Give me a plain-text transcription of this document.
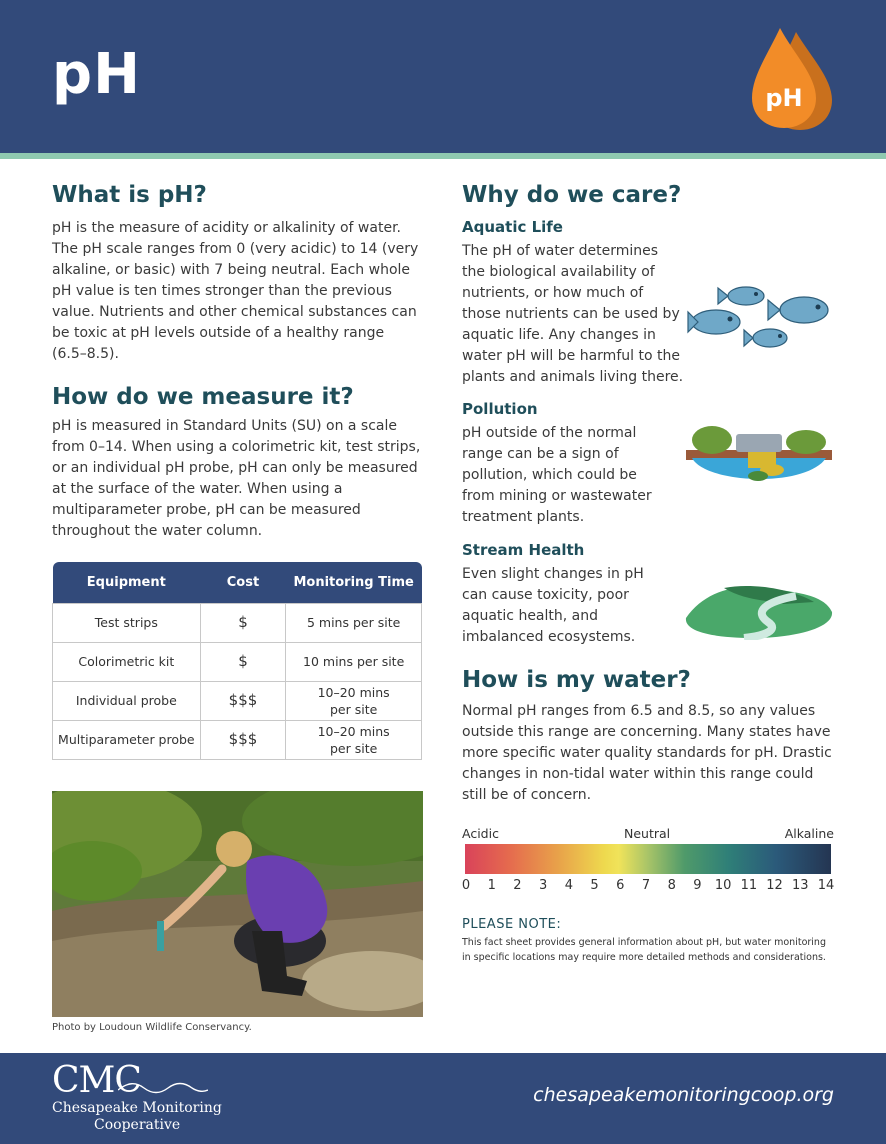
pH	pH
What is pH?

pH is the measure of acidity or alkalinity of water. The pH scale ranges from 0 (very acidic) to 14 (very alkaline, or basic) with 7 being neutral. Each whole pH value is ten times stronger than the previous value. Nutrients and other chemical substances can be toxic at pH levels outside of a healthy range (6.5–8.5).

How do we measure it?

pH is measured in Standard Units (SU) on a scale from 0–14. When using a colorimetric kit, test strips, or an individual pH probe, pH can only be measured at the surface of the water. When using a multiparameter probe, pH can be measured throughout the water column.

Equipment	Cost	Monitoring Time
Test strips	$	5 mins per site
Colorimetric kit	$	10 mins per site
Individual probe	$$$	10–20 mins per site
Multiparameter probe	$$$	10–20 mins per site
Photo by Loudoun Wildlife Conservancy.
Why do we care?
Aquatic Life

The pH of water determines the biological availability of nutrients, or how much of those nutrients can be used by aquatic life. Any changes in water pH will be harmful to the plants and animals living there.

Pollution

pH outside of the normal range can be a sign of pollution, which could be from mining or wastewater treatment plants.

Stream Health

Even slight changes in pH can cause toxicity, poor aquatic health, and imbalanced ecosystems.

How is my water?

Normal pH ranges from 6.5 and 8.5, so any values outside this range are concerning. Many states have more specific water quality standards for pH. Drastic changes in non-tidal water within this range could still be of concern.

Acidic	Neutral	Alkaline
0 1 2 3 4 5 6 7 8 9 10 11 12 13 14
PLEASE NOTE:
This fact sheet provides general information about pH, but water monitoring in specific locations may require more detailed methods and considerations.
CMC
Chesapeake Monitoring
Cooperative
chesapeakemonitoringcoop.org
